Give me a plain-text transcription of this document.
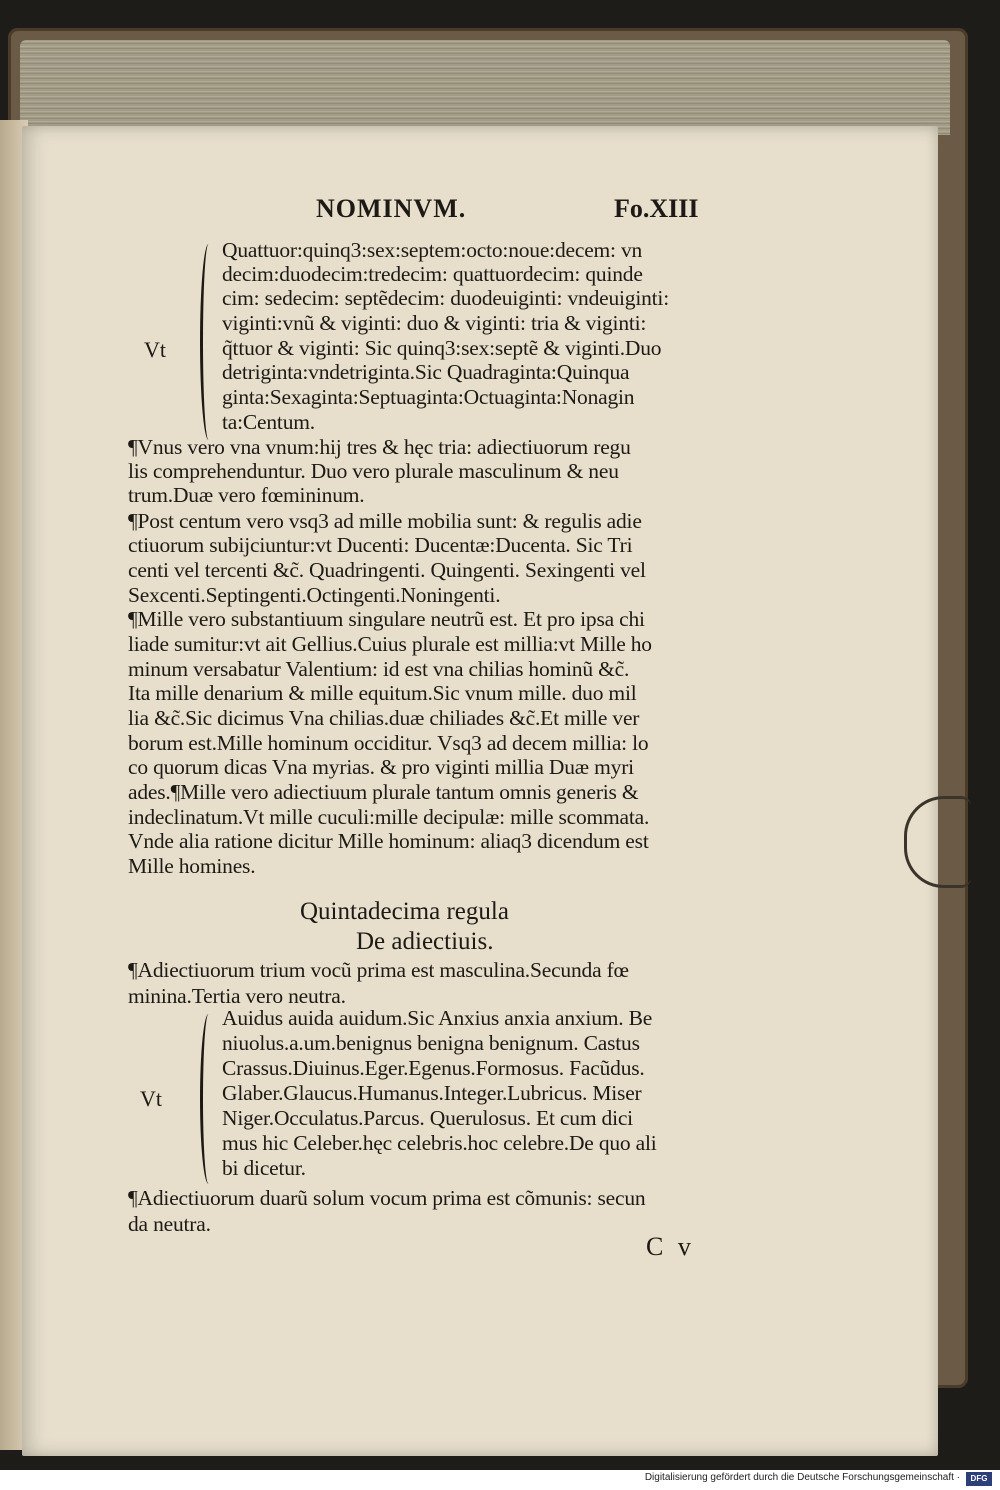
NOMINVM.	Fo.XIII
Vt
Quattuor:quinq3:sex:septem:octo:noue:decem: vn
decim:duodecim:tredecim: quattuordecim: quinde
cim: sedecim: septẽdecim: duodeuiginti: vndeuiginti:
viginti:vnũ & viginti: duo & viginti: tria & viginti:
q̃ttuor & viginti: Sic quinq3:sex:septẽ & viginti.Duo
detriginta:vndetriginta.Sic Quadraginta:Quinqua
ginta:Sexaginta:Septuaginta:Octuaginta:Nonagin
ta:Centum.
¶Vnus vero vna vnum:hij tres & hęc tria: adiectiuorum regu
lis comprehenduntur. Duo vero plurale masculinum & neu
trum.Duæ vero fœmininum.
¶Post centum vero vsq3 ad mille mobilia sunt: & regulis adie
ctiuorum subijciuntur:vt Ducenti: Ducentæ:Ducenta. Sic Tri
centi vel tercenti &c̃. Quadringenti. Quingenti. Sexingenti vel
Sexcenti.Septingenti.Octingenti.Noningenti.
¶Mille vero substantiuum singulare neutrũ est. Et pro ipsa chi
liade sumitur:vt ait Gellius.Cuius plurale est millia:vt Mille ho
minum versabatur Valentium: id est vna chilias hominũ &c̃.
Ita mille denarium & mille equitum.Sic vnum mille. duo mil
lia &c̃.Sic dicimus Vna chilias.duæ chiliades &c̃.Et mille ver
borum est.Mille hominum occiditur. Vsq3 ad decem millia: lo
co quorum dicas Vna myrias. & pro viginti millia Duæ myri
ades.¶Mille vero adiectiuum plurale tantum omnis generis &
indeclinatum.Vt mille cuculi:mille decipulæ: mille scommata.
Vnde alia ratione dicitur Mille hominum: aliaq3 dicendum est
Mille homines.
Quintadecima regula
De adiectiuis.
¶Adiectiuorum trium vocũ prima est masculina.Secunda fœ
minina.Tertia vero neutra.
Vt
Auidus auida auidum.Sic Anxius anxia anxium. Be
niuolus.a.um.benignus benigna benignum. Castus
Crassus.Diuinus.Eger.Egenus.Formosus. Facũdus.
Glaber.Glaucus.Humanus.Integer.Lubricus. Miser
Niger.Occulatus.Parcus. Querulosus. Et cum dici
mus hic Celeber.hęc celebris.hoc celebre.De quo ali
bi dicetur.
¶Adiectiuorum duarũ solum vocum prima est cõmunis: secun
da neutra.
C v
Digitalisierung gefördert durch die Deutsche Forschungsgemeinschaft ·	DFG
